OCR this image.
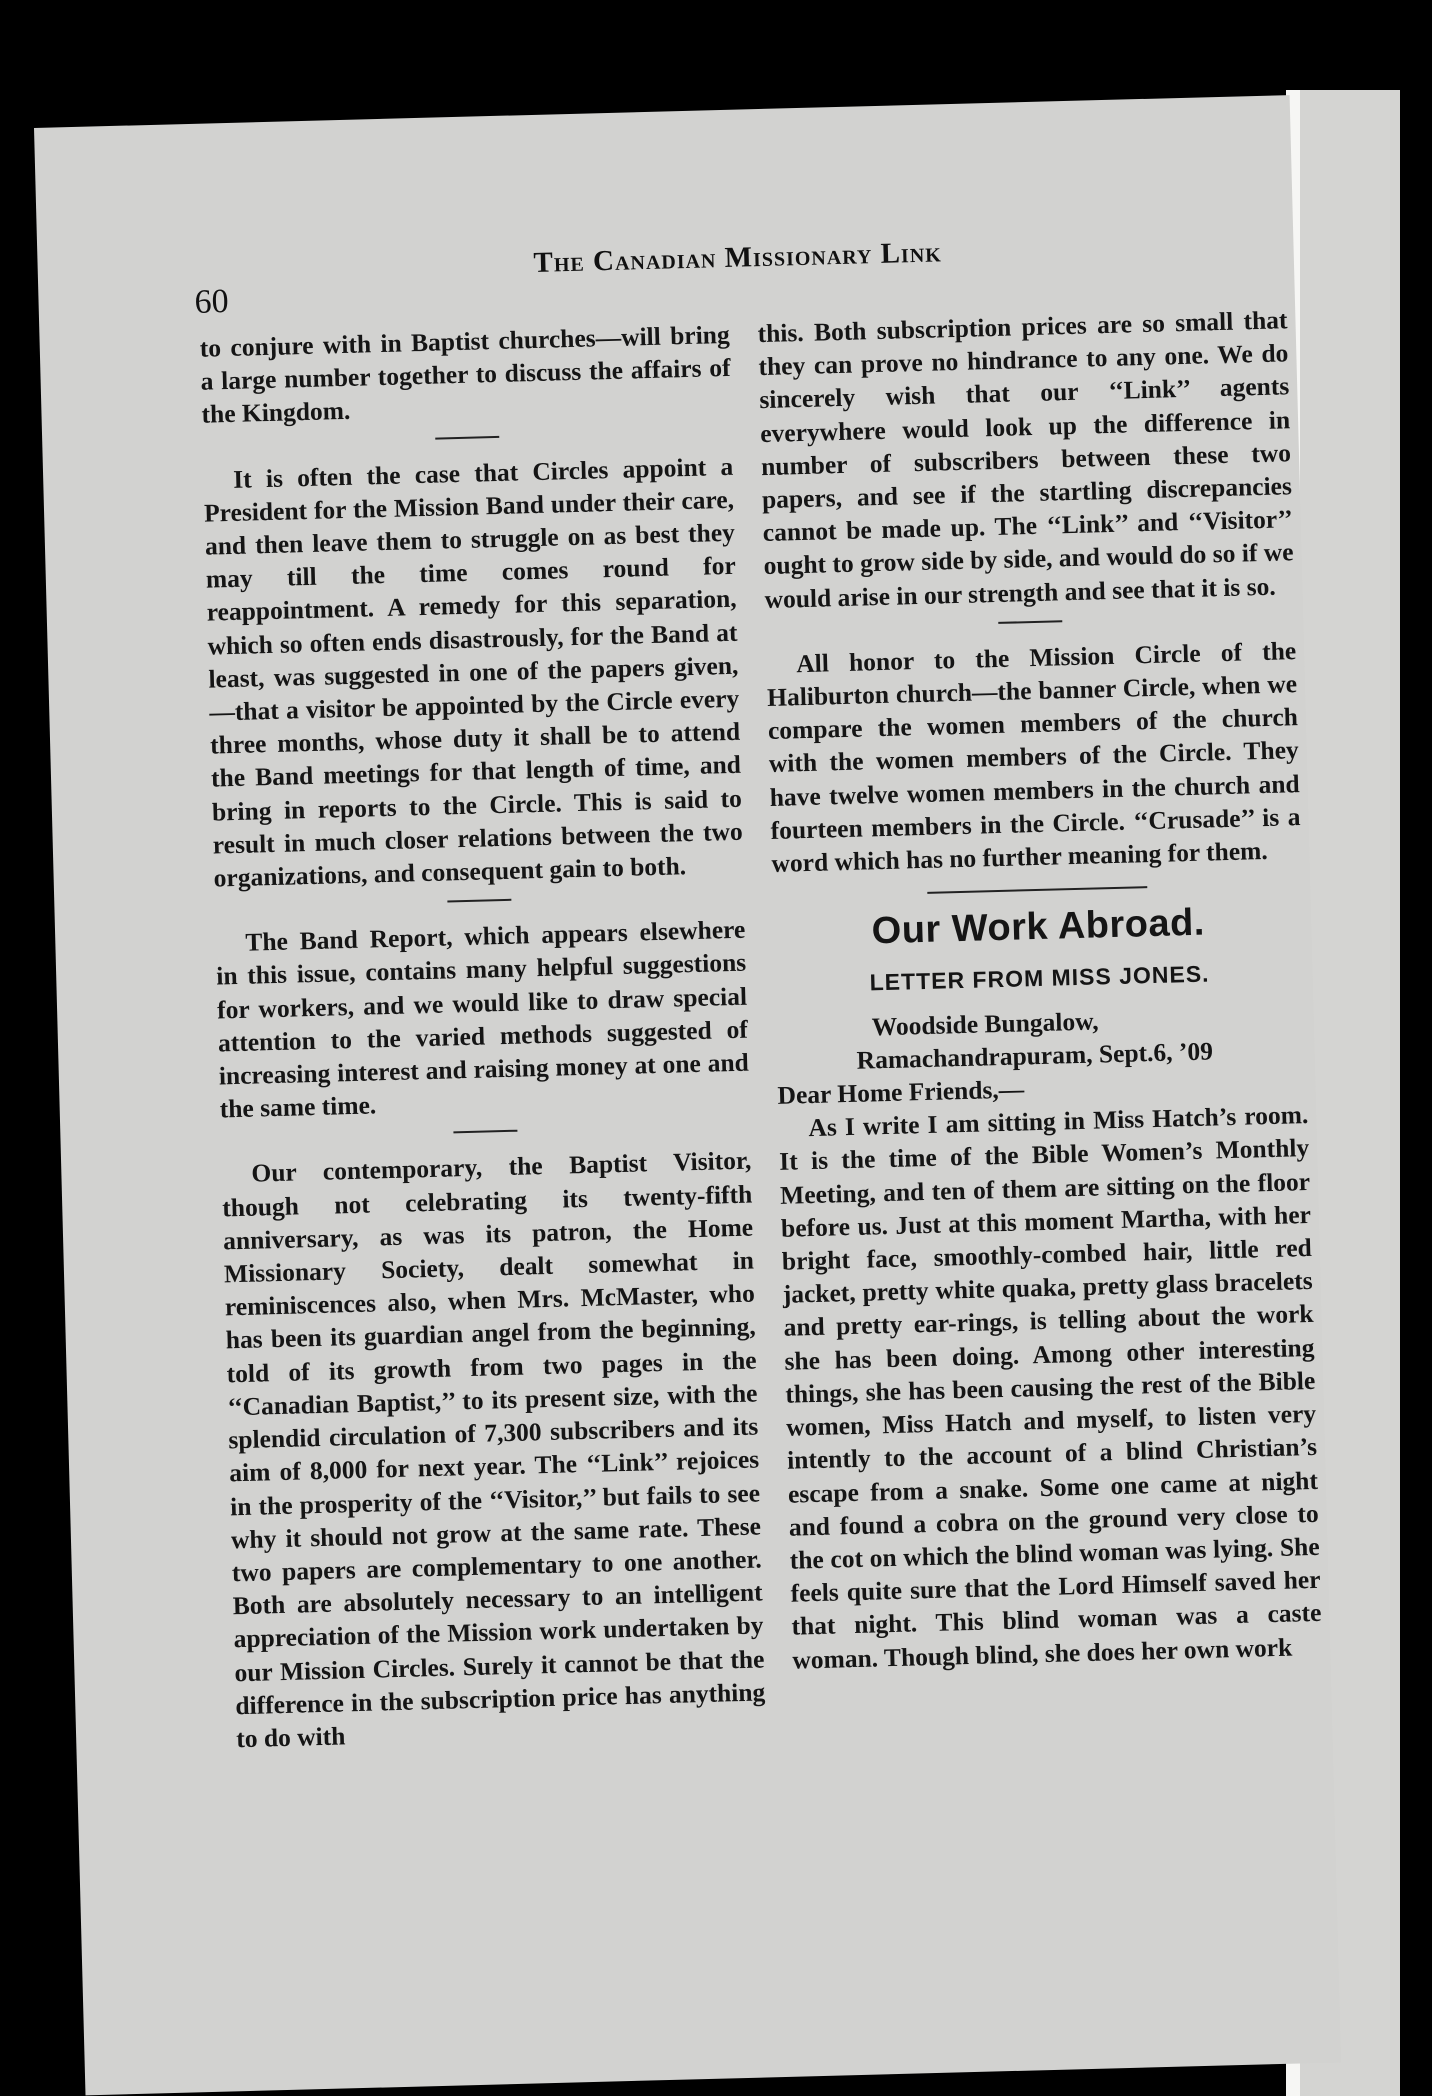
60
The Canadian Missionary Link

to conjure with in Baptist churches—will bring a large number together to discuss the affairs of the Kingdom.

It is often the case that Circles appoint a President for the Mission Band under their care, and then leave them to struggle on as best they may till the time comes round for reappointment. A remedy for this separation, which so often ends disastrously, for the Band at least, was suggested in one of the papers given,—that a visitor be appointed by the Circle every three months, whose duty it shall be to attend the Band meetings for that length of time, and bring in reports to the Circle. This is said to result in much closer relations between the two organizations, and consequent gain to both.

The Band Report, which appears elsewhere in this issue, contains many helpful suggestions for workers, and we would like to draw special attention to the varied methods suggested of increasing interest and raising money at one and the same time.

Our contemporary, the Baptist Visitor, though not celebrating its twenty-fifth anniversary, as was its patron, the Home Missionary Society, dealt somewhat in reminiscences also, when Mrs. McMaster, who has been its guardian angel from the beginning, told of its growth from two pages in the ‘‘Canadian Baptist,’’ to its present size, with the splendid circulation of 7,300 subscribers and its aim of 8,000 for next year. The ‘‘Link’’ rejoices in the prosperity of the ‘‘Visitor,’’ but fails to see why it should not grow at the same rate. These two papers are complementary to one another. Both are absolutely necessary to an intelligent appreciation of the Mission work undertaken by our Mission Circles. Surely it cannot be that the difference in the subscription price has anything to do with

this. Both subscription prices are so small that they can prove no hindrance to any one. We do sincerely wish that our ‘‘Link’’ agents everywhere would look up the difference in number of subscribers between these two papers, and see if the startling discrepancies cannot be made up. The ‘‘Link’’ and ‘‘Visitor’’ ought to grow side by side, and would do so if we would arise in our strength and see that it is so.

All honor to the Mission Circle of the Haliburton church—the banner Circle, when we compare the women members of the church with the women members of the Circle. They have twelve women members in the church and fourteen members in the Circle. ‘‘Crusade’’ is a word which has no further meaning for them.

Our Work Abroad.
LETTER FROM MISS JONES.

Woodside Bungalow,

Ramachandrapuram, Sept.6, ’09

Dear Home Friends,—

As I write I am sitting in Miss Hatch’s room. It is the time of the Bible Women’s Monthly Meeting, and ten of them are sitting on the floor before us. Just at this moment Martha, with her bright face, smoothly-combed hair, little red jacket, pretty white quaka, pretty glass bracelets and pretty ear-rings, is telling about the work she has been doing. Among other interesting things, she has been causing the rest of the Bible women, Miss Hatch and myself, to listen very intently to the account of a blind Christian’s escape from a snake. Some one came at night and found a cobra on the ground very close to the cot on which the blind woman was lying. She feels quite sure that the Lord Himself saved her that night. This blind woman was a caste woman. Though blind, she does her own work
